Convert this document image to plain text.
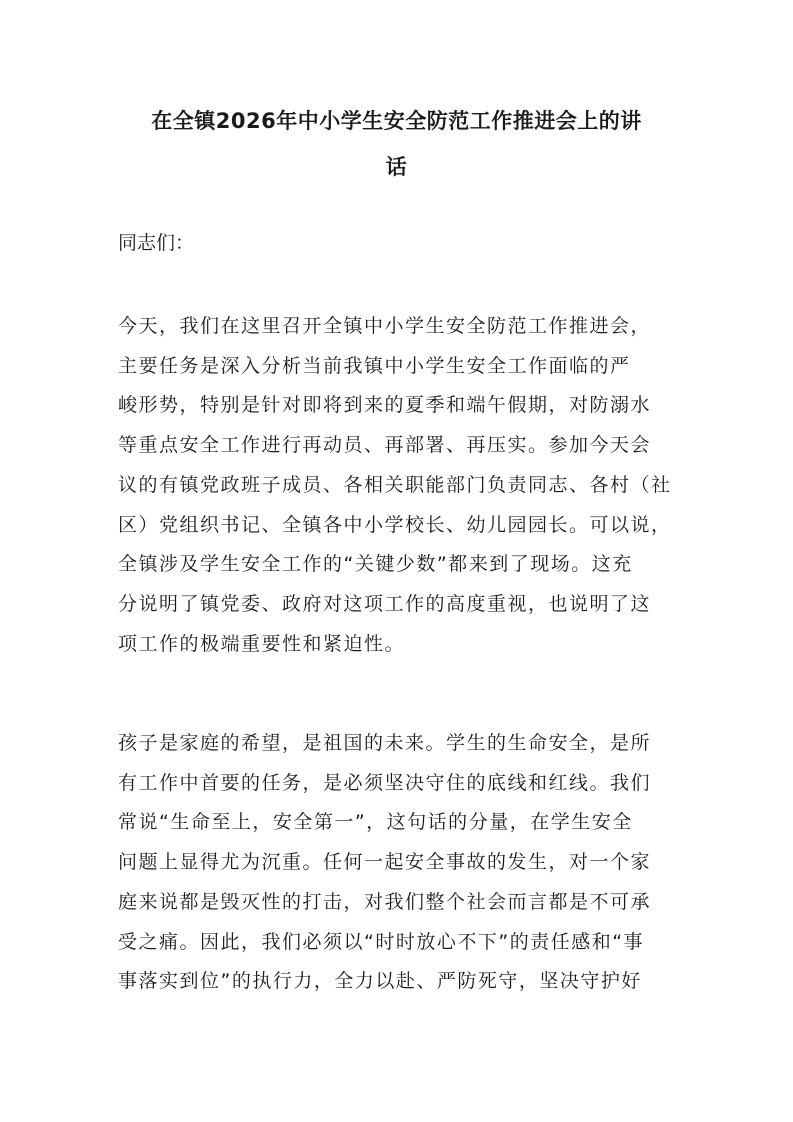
在全镇2026年中小学生安全防范工作推进会上的讲
话
同志们：
今天，我们在这里召开全镇中小学生安全防范工作推进会，
主要任务是深入分析当前我镇中小学生安全工作面临的严
峻形势，特别是针对即将到来的夏季和端午假期，对防溺水
等重点安全工作进行再动员、再部署、再压实。参加今天会
议的有镇党政班子成员、各相关职能部门负责同志、各村（社
区）党组织书记、全镇各中小学校长、幼儿园园长。可以说，
全镇涉及学生安全工作的“关键少数”都来到了现场。这充
分说明了镇党委、政府对这项工作的高度重视，也说明了这
项工作的极端重要性和紧迫性。
孩子是家庭的希望，是祖国的未来。学生的生命安全，是所
有工作中首要的任务，是必须坚决守住的底线和红线。我们
常说“生命至上，安全第一”，这句话的分量，在学生安全
问题上显得尤为沉重。任何一起安全事故的发生，对一个家
庭来说都是毁灭性的打击，对我们整个社会而言都是不可承
受之痛。因此，我们必须以“时时放心不下”的责任感和“事
事落实到位”的执行力，全力以赴、严防死守，坚决守护好
